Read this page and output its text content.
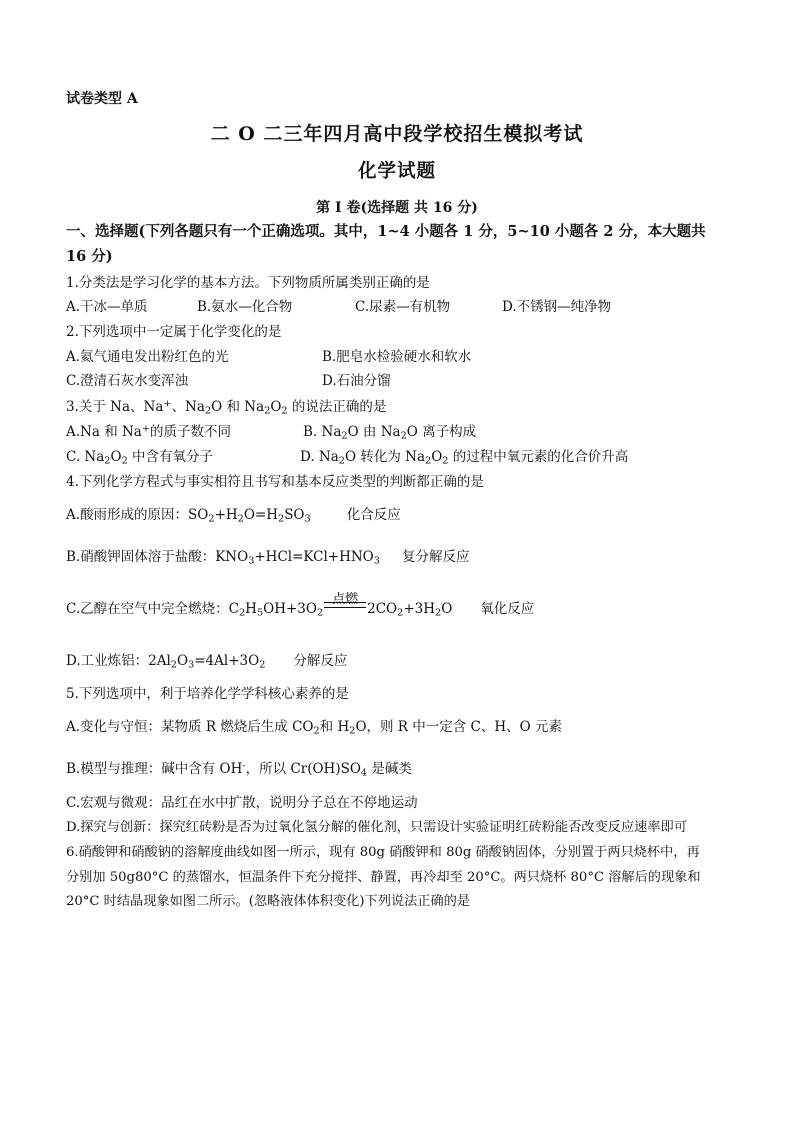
试卷类型 A
二 O 二三年四月高中段学校招生模拟考试
化学试题
第 I 卷(选择题 共 16 分)
一、选择题(下列各题只有一个正确选项。其中，1~4 小题各 1 分，5~10 小题各 2 分，本大题共
16 分)
1.分类法是学习化学的基本方法。下列物质所属类别正确的是
A.干冰—单质	B.氨水—化合物	C.尿素—有机物	D.不锈钢—纯净物
2.下列选项中一定属于化学变化的是
A.氦气通电发出粉红色的光	B.肥皂水检验硬水和软水
C.澄清石灰水变浑浊	D.石油分馏
3.关于 Na、Na+、$Na_2O$ 和 $Na_2O_2$ 的说法正确的是
A.Na 和 Na+的质子数不同	B. $Na_2O$ 由 $Na_2O$ 离子构成
C. $Na_2O_2$ 中含有氧分子	D. $Na_2O$ 转化为 $Na_2O_2$ 的过程中氧元素的化合价升高
4.下列化学方程式与事实相符且书写和基本反应类型的判断都正确的是
A.酸雨形成的原因：$SO_2+H_2O=H_2SO_3$	化合反应
B.硝酸钾固体溶于盐酸：$KNO_3+HCl=KCl+HNO_3$ 复分解反应
C.乙醇在空气中完全燃烧：$C_2H_5OH+3O_2$
点燃
$2CO_2+3H_2O$ 氧化反应
D.工业炼铝：$2Al_2O_3=4Al+3O_2$ 分解反应
5.下列选项中，利于培养化学学科核心素养的是
A.变化与守恒：某物质 R 燃烧后生成 $CO_2$和 $H_2O$，则 R 中一定含 C、H、O 元素
B.模型与推理：碱中含有 OH-，所以 $Cr(OH)SO_4$ 是碱类
C.宏观与微观：品红在水中扩散，说明分子总在不停地运动
D.探究与创新：探究红砖粉是否为过氧化氢分解的催化剂，只需设计实验证明红砖粉能否改变反应速率即可
6.硝酸钾和硝酸钠的溶解度曲线如图一所示，现有 80g 硝酸钾和 80g 硝酸钠固体，分别置于两只烧杯中，再
分别加 50g80°C 的蒸馏水，恒温条件下充分搅拌、静置，再冷却至 20°C。两只烧杯 80°C 溶解后的现象和
20°C 时结晶现象如图二所示。(忽略液体体积变化)下列说法正确的是
